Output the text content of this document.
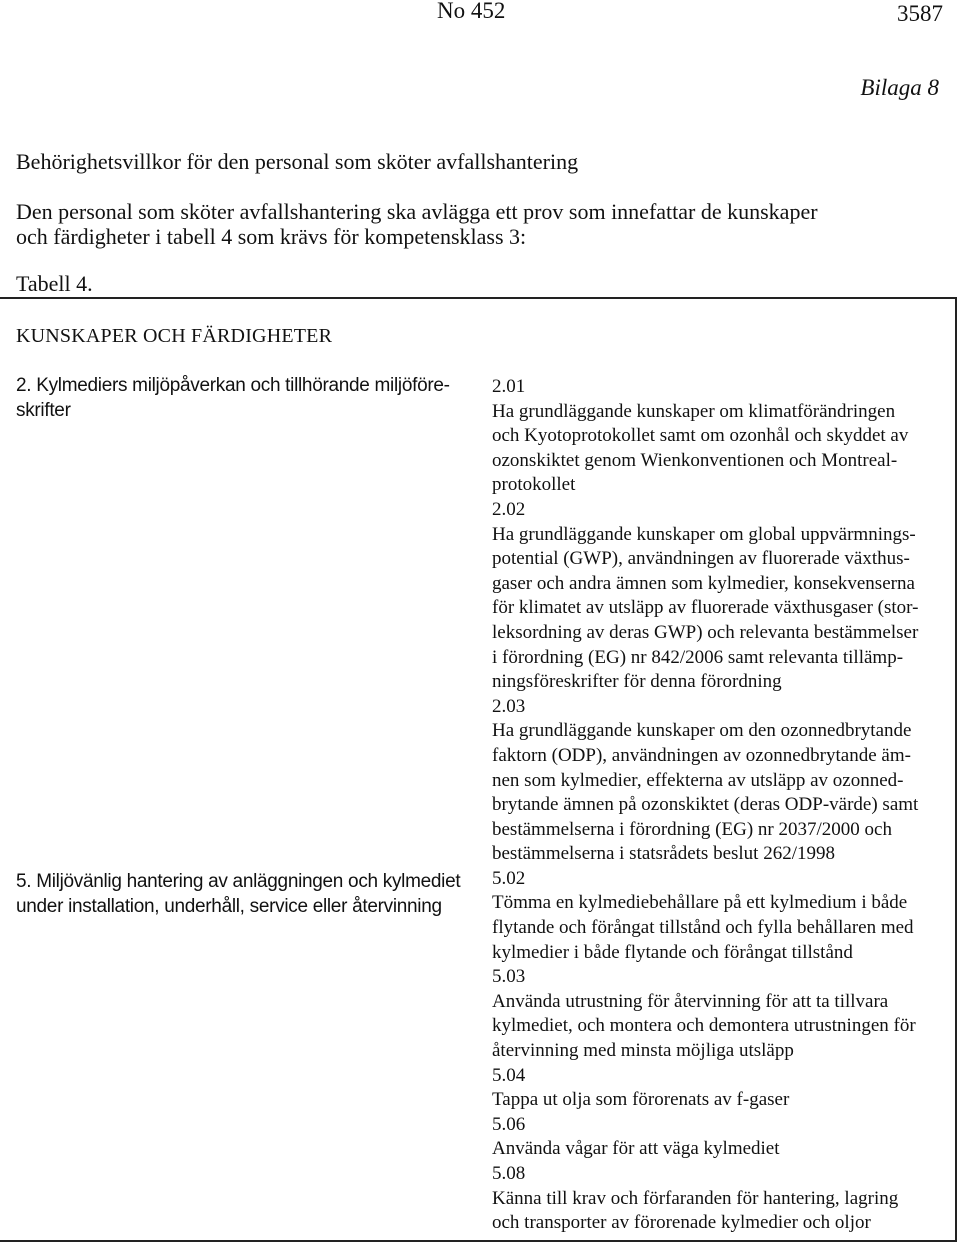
No 452	3587
Bilaga 8
Behörighetsvillkor för den personal som sköter avfallshantering
Den personal som sköter avfallshantering ska avlägga ett prov som innefattar de kunskaper
och färdigheter i tabell 4 som krävs för kompetensklass 3:
Tabell 4.
KUNSKAPER OCH FÄRDIGHETER
2. Kylmediers miljöpåverkan och tillhörande miljöföre-
skrifter
5. Miljövänlig hantering av anläggningen och kylmediet
under installation, underhåll, service eller återvinning
2.01
Ha grundläggande kunskaper om klimatförändringen
och Kyotoprotokollet samt om ozonhål och skyddet av
ozonskiktet genom Wienkonventionen och Montreal-
protokollet
2.02
Ha grundläggande kunskaper om global uppvärmnings-
potential (GWP), användningen av fluorerade växthus-
gaser och andra ämnen som kylmedier, konsekvenserna
för klimatet av utsläpp av fluorerade växthusgaser (stor-
leksordning av deras GWP) och relevanta bestämmelser
i förordning (EG) nr 842/2006 samt relevanta tillämp-
ningsföreskrifter för denna förordning
2.03
Ha grundläggande kunskaper om den ozonnedbrytande
faktorn (ODP), användningen av ozonnedbrytande äm-
nen som kylmedier, effekterna av utsläpp av ozonned-
brytande ämnen på ozonskiktet (deras ODP-värde) samt
bestämmelserna i förordning (EG) nr 2037/2000 och
bestämmelserna i statsrådets beslut 262/1998
5.02
Tömma en kylmediebehållare på ett kylmedium i både
flytande och förångat tillstånd och fylla behållaren med
kylmedier i både flytande och förångat tillstånd
5.03
Använda utrustning för återvinning för att ta tillvara
kylmediet, och montera och demontera utrustningen för
återvinning med minsta möjliga utsläpp
5.04
Tappa ut olja som förorenats av f-gaser
5.06
Använda vågar för att väga kylmediet
5.08
Känna till krav och förfaranden för hantering, lagring
och transporter av förorenade kylmedier och oljor
